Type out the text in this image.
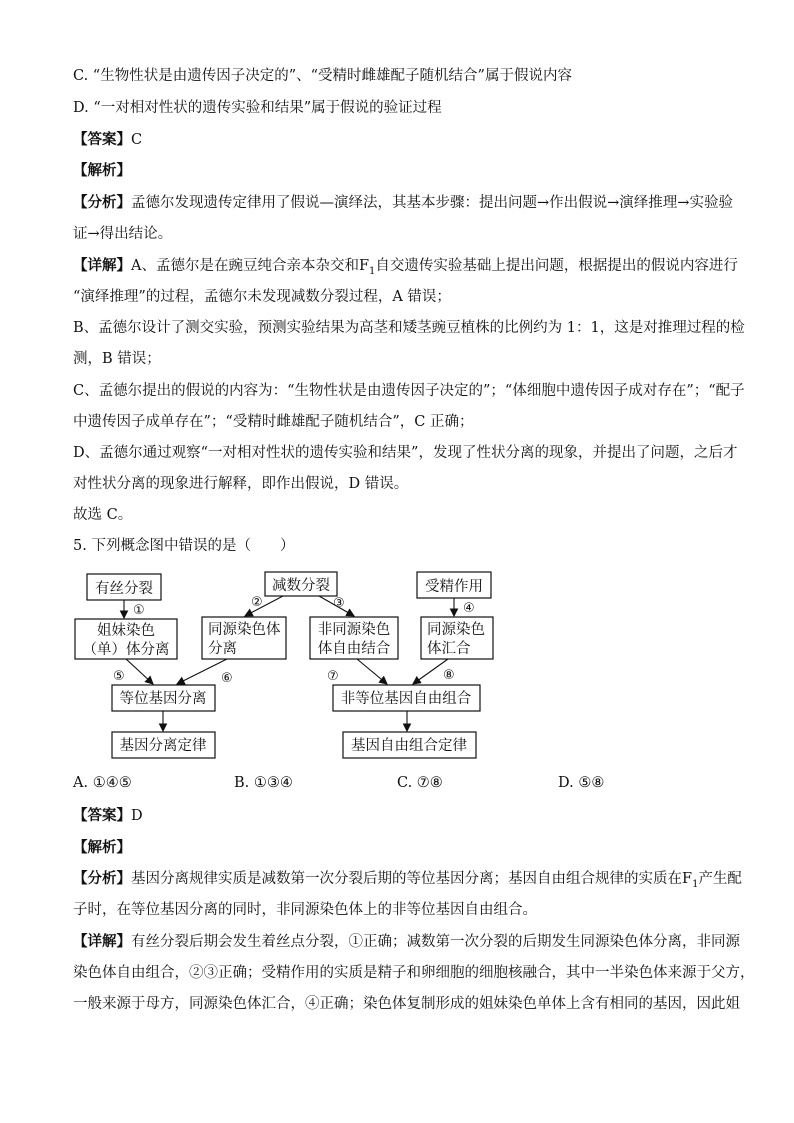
C. “生物性状是由遗传因子决定的”、“受精时雌雄配子随机结合”属于假说内容
D. “一对相对性状的遗传实验和结果”属于假说的验证过程
【答案】C
【解析】
【分析】孟德尔发现遗传定律用了假说—演绎法，其基本步骤：提出问题→作出假说→演绎推理→实验验
证→得出结论。
【详解】A、孟德尔是在豌豆纯合亲本杂交和$F_1$自交遗传实验基础上提出问题，根据提出的假说内容进行
“演绎推理”的过程，孟德尔未发现减数分裂过程，A 错误；
B、孟德尔设计了测交实验，预测实验结果为高茎和矮茎豌豆植株的比例约为 1：1，这是对推理过程的检
测，B 错误；
C、孟德尔提出的假说的内容为：“生物性状是由遗传因子决定的”；“体细胞中遗传因子成对存在”；“配子
中遗传因子成单存在”；“受精时雌雄配子随机结合”，C 正确；
D、孟德尔通过观察“一对相对性状的遗传实验和结果”，发现了性状分离的现象，并提出了问题，之后才
对性状分离的现象进行解释，即作出假说，D 错误。
故选 C。
5. 下列概念图中错误的是（　　）
有丝分裂	减数分裂	受精作用
姐妹染色
（单）体分离
同源染色体
分离
非同源染色
体自由结合
同源染色
体汇合
等位基因分离	非等位基因自由组合
基因分离定律	基因自由组合定律
①
②	③	④
⑤	⑥	⑦	⑧
A. ①④⑤	B. ①③④	C. ⑦⑧	D. ⑤⑧
【答案】D
【解析】
【分析】基因分离规律实质是减数第一次分裂后期的等位基因分离；基因自由组合规律的实质在$F_1$产生配
子时，在等位基因分离的同时，非同源染色体上的非等位基因自由组合。
【详解】有丝分裂后期会发生着丝点分裂，①正确；减数第一次分裂的后期发生同源染色体分离，非同源
染色体自由组合，②③正确；受精作用的实质是精子和卵细胞的细胞核融合，其中一半染色体来源于父方，
一般来源于母方，同源染色体汇合，④正确；染色体复制形成的姐妹染色单体上含有相同的基因，因此姐
